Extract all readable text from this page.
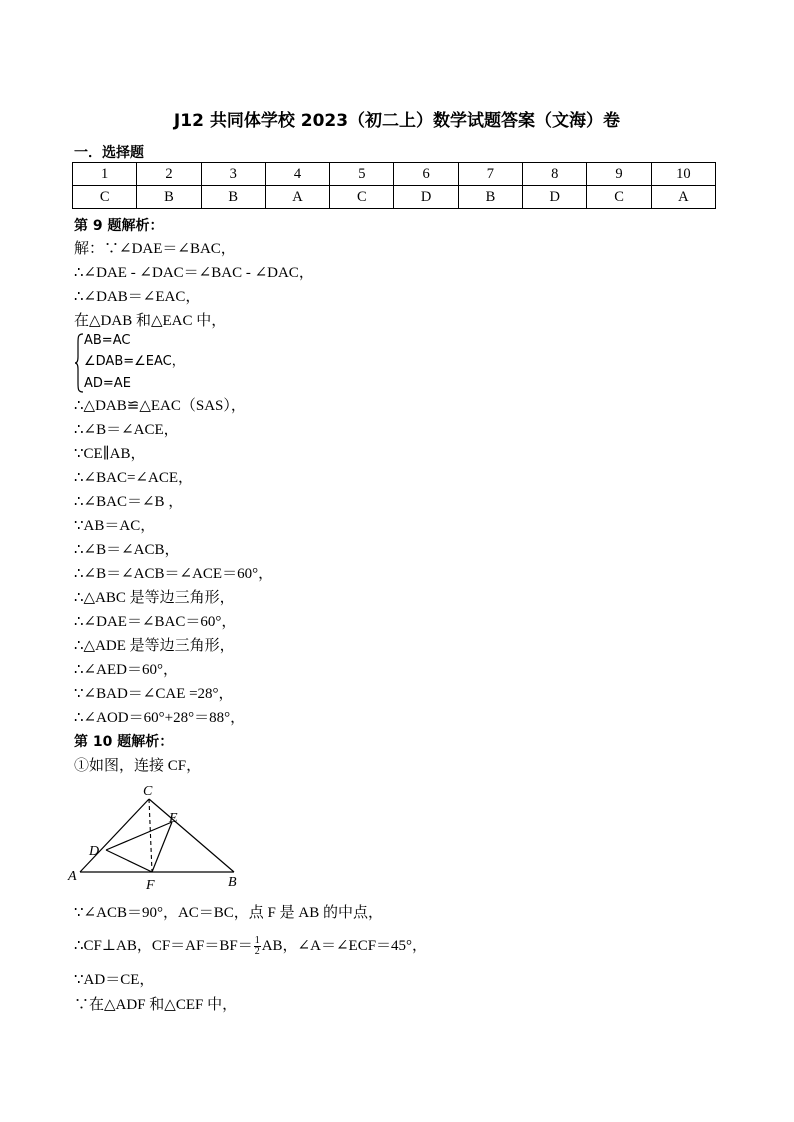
J12 共同体学校 2023（初二上）数学试题答案（文海）卷
一．选择题
1	2	3	4	5	6	7	8	9	10
C	B	B	A	C	D	B	D	C	A
第 9 题解析：
解：∵∠DAE＝∠BAC，
∴∠DAE - ∠DAC＝∠BAC - ∠DAC，
∴∠DAB＝∠EAC，
在△DAB 和△EAC 中，
AB=AC
∠DAB=∠EAC，
AD=AE
∴△DAB≌△EAC（SAS），
∴∠B＝∠ACE，
∵CE∥AB，
∴∠BAC=∠ACE，
∴∠BAC＝∠B ，
∵AB＝AC，
∴∠B＝∠ACB，
∴∠B＝∠ACB＝∠ACE＝60°，
∴△ABC 是等边三角形，
∴∠DAE＝∠BAC＝60°，
∴△ADE 是等边三角形，
∴∠AED＝60°，
∵∠BAD＝∠CAE =28°，
∴∠AOD＝60°+28°＝88°，
第 10 题解析：
①如图，连接 CF，
A	B
C
D
E
F
∵∠ACB＝90°，AC＝BC，点 F 是 AB 的中点，
∴CF⊥AB，$CF=AF=BF= \frac{1}{2}$ AB，∠A＝∠ECF＝45°，
∵AD＝CE，
∵在△ADF 和△CEF 中，
